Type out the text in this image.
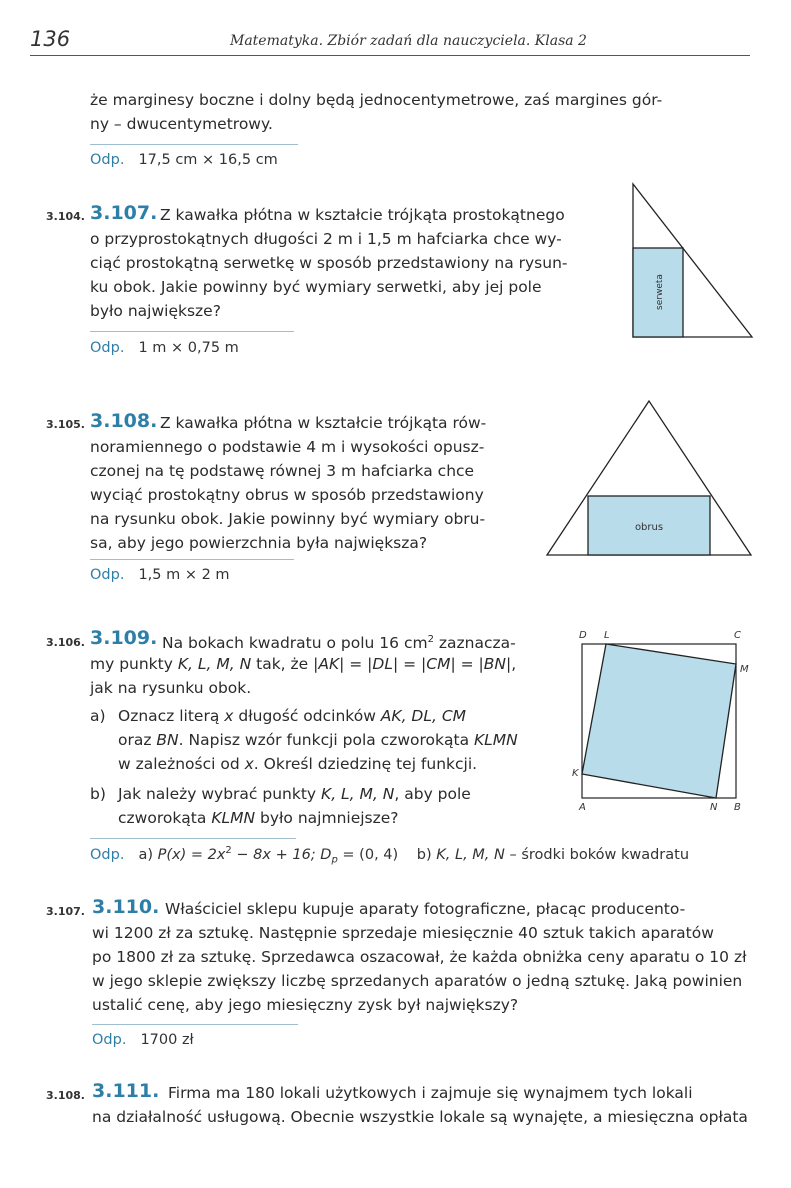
136	Matematyka. Zbiór zadań dla nauczyciela. Klasa 2
że marginesy boczne i dolny będą jednocentymetrowe, zaś margines gór-
ny – dwucentymetrowy.
Odp. 17,5 cm × 16,5 cm
3.104. 3.107. Z kawałka płótna w kształcie trójkąta prostokątnego
o przyprostokątnych długości 2 m i 1,5 m hafciarka chce wy-
ciąć prostokątną serwetkę w sposób przedstawiony na rysun-
ku obok. Jakie powinny być wymiary serwetki, aby jej pole
było największe?
Odp. 1 m × 0,75 m
serweta
3.105. 3.108. Z kawałka płótna w kształcie trójkąta rów-
noramiennego o podstawie 4 m i wysokości opusz-
czonej na tę podstawę równej 3 m hafciarka chce
wyciąć prostokątny obrus w sposób przedstawiony
na rysunku obok. Jakie powinny być wymiary obru-
sa, aby jego powierzchnia była największa?
Odp. 1,5 m × 2 m
obrus
3.106. 3.109. Na bokach kwadratu o polu 16 $cm^2$ zaznacza-
my punkty K, L, M, N tak, że |AK| = |DL| = |CM| = |BN|,
jak na rysunku obok.
a) Oznacz literą x długość odcinków AK, DL, CM
oraz BN. Napisz wzór funkcji pola czworokąta KLMN
w zależności od x. Określ dziedzinę tej funkcji.
b) Jak należy wybrać punkty K, L, M, N, aby pole
czworokąta KLMN było najmniejsze?
Odp. a) $P(x) = 2x^2 - 8x + 16$; $D_p = (0$, 4) b) K, L, M, N – środki boków kwadratu
D L	C
M
K
A	N B
3.107. 3.110. Właściciel sklepu kupuje aparaty fotograficzne, płacąc producento-
wi 1200 zł za sztukę. Następnie sprzedaje miesięcznie 40 sztuk takich aparatów
po 1800 zł za sztukę. Sprzedawca oszacował, że każda obniżka ceny aparatu o 10 zł
w jego sklepie zwiększy liczbę sprzedanych aparatów o jedną sztukę. Jaką powinien
ustalić cenę, aby jego miesięczny zysk był największy?
Odp. 1700 zł
3.108. 3.111. Firma ma 180 lokali użytkowych i zajmuje się wynajmem tych lokali
na działalność usługową. Obecnie wszystkie lokale są wynajęte, a miesięczna opłata
